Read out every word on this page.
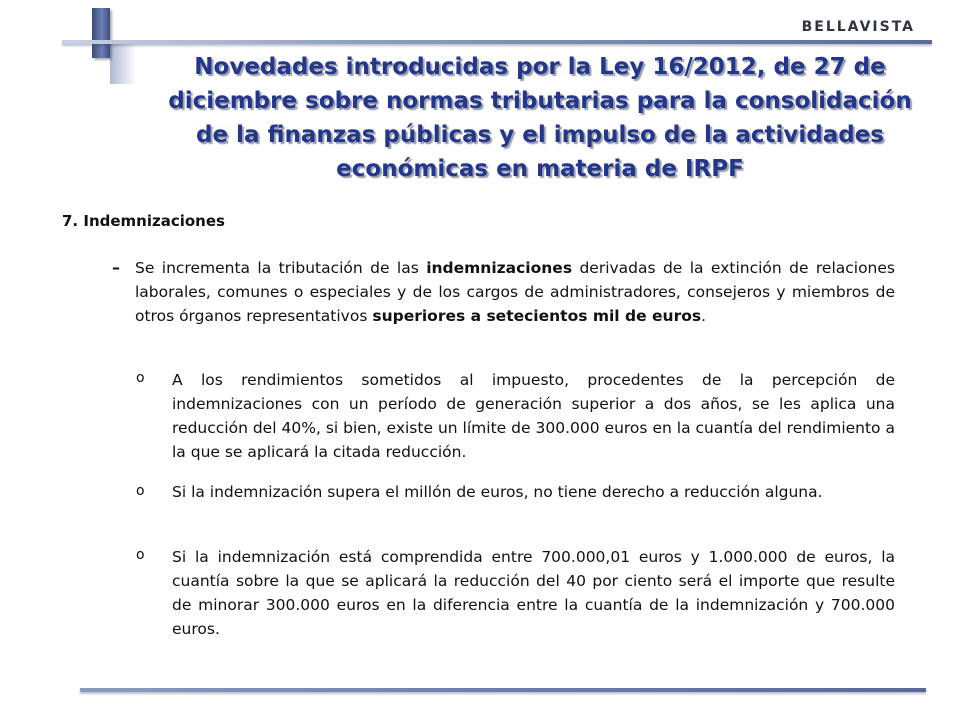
BELLAVISTA
Novedades introducidas por la Ley 16/2012, de 27 de diciembre sobre normas tributarias para la consolidación de la finanzas públicas y el impulso de la actividades económicas en materia de IRPF
7. Indemnizaciones
– Se incrementa la tributación de las indemnizaciones derivadas de la extinción de relaciones laborales, comunes o especiales y de los cargos de administradores, consejeros y miembros de otros órganos representativos superiores a setecientos mil de euros.

o A los rendimientos sometidos al impuesto, procedentes de la percepción de indemnizaciones con un período de generación superior a dos años, se les aplica una reducción del 40%, si bien, existe un límite de 300.000 euros en la cuantía del rendimiento a la que se aplicará la citada reducción.

o Si la indemnización supera el millón de euros, no tiene derecho a reducción alguna.

o Si la indemnización está comprendida entre 700.000,01 euros y 1.000.000 de euros, la cuantía sobre la que se aplicará la reducción del 40 por ciento será el importe que resulte de minorar 300.000 euros en la diferencia entre la cuantía de la indemnización y 700.000 euros.
